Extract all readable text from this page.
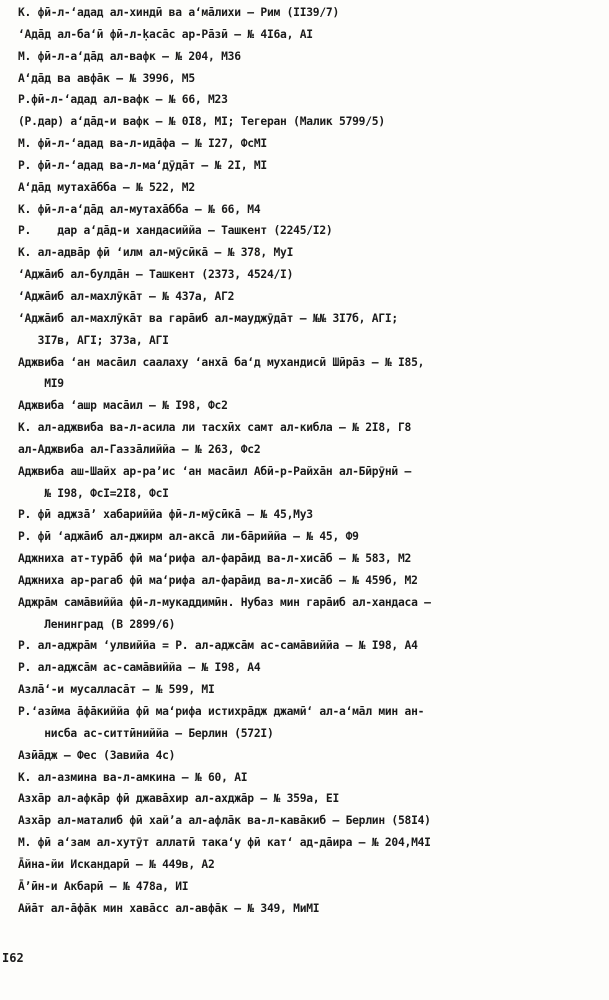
К. фӣ-л-ʻадад ал-хиндӣ ва аʻмāлихи – Рим (II39/7)
ʻАдāд ал-баʻӣ фӣ-л-ḳасāс ар-Рāзӣ – № 4I6а, АI
М. фӣ-л-аʻдāд ал-вафк – № 204, М36
Аʻдāд ва авфāк – № 3996, М5
Р.фӣ-л-ʻадад ал-вафк – № 66, М23
(Р.дар) аʻдāд-и вафк – № 0I8, МI; Тегеран (Малик 5799/5)
М. фӣ-л-ʻадад ва-л-идāфа – № I27, ФсМI
Р. фӣ-л-ʻадад ва-л-маʻдӯдāт – № 2I, МI
Аʻдāд мутахāбба – № 522, М2
К. фӣ-л-аʻдāд ал-мутахāбба – № 66, М4
Р.    дар аʻдāд-и хандасиййа – Ташкент (2245/I2)
К. ал-адвāр фӣ ʻилм ал-мӯсӣкā – № 378, МуI
ʻАджāиб ал-булдāн – Ташкент (2373, 4524/I)
ʻАджāиб ал-махлӯкāт – № 437а, АГ2
ʻАджāиб ал-махлӯкāт ва гарāиб ал-мауджӯдāт – №№ 3I7б, АГI;
3I7в, АГI; 373а, АГI
Аджвиба ʻан масāил саалаху ʻанхā баʻд мухандисӣ Шӣрāз – № I85,
МI9
Аджвиба ʻашр масāил – № I98, Фс2
К. ал-аджвиба ва-л-асила ли тасхӣх самт ал-кибла – № 2I8, Г8
ал-Аджвиба ал-Газзāлиййа – № 263, Фс2
Аджвиба аш-Шайх ар-раʼис ʻан масāил Абӣ-р-Райхāн ал-Бӣрӯнӣ –
№ I98, ФсI=2I8, ФсI
Р. фӣ аджзāʼ хабариййа фӣ-л-мӯсӣкā – № 45,Му3
Р. фӣ ʻаджāиб ал-джирм ал-аксā ли-бāриййа – № 45, Ф9
Аджниха ат-турāб фӣ маʻрифа ал-фарāид ва-л-хисāб – № 583, М2
Аджниха ар-рагаб фӣ маʻрифа ал-фарāид ва-л-хисāб – № 459б, М2
Аджрāм самāвиййа фӣ-л-мукаддимӣн. Нубаз мин гарāиб ал-хандаса –
Ленинград (В 2899/6)
Р. ал-аджрāм ʻулвиййа = Р. ал-аджсāм ас-самāвиййа – № I98, А4
Р. ал-аджсāм ас-самāвиййа – № I98, А4
Азлāʻ-и мусалласāт – № 599, МI
Р.ʻазӣма āфāкиййа фӣ маʻрифа истихрāдж джамӣʻ ал-аʻмāл мин ан-
нисба ас-ситтӣниййа – Берлин (572I)
Азӣāдж – Фес (Завийа 4с)
К. ал-азмина ва-л-амкина – № 60, АI
Азхāр ал-афкāр фӣ джавāхир ал-ахджāр – № 359а, ЕI
Азхāр ал-маталиб фӣ хайʼа ал-афлāк ва-л-кавāкиб – Берлин (58I4)
М. фӣ аʻзам ал-хутӯт аллатӣ такаʻу фӣ катʻ ад-дāира – № 204,М4I
Āйна-йи Искандарӣ – № 449в, А2
Āʼӣн-и Акбарӣ – № 478а, ИI
Айāт ал-āфāк мин хавāсс ал-авфāк – № 349, МиМI
I62
